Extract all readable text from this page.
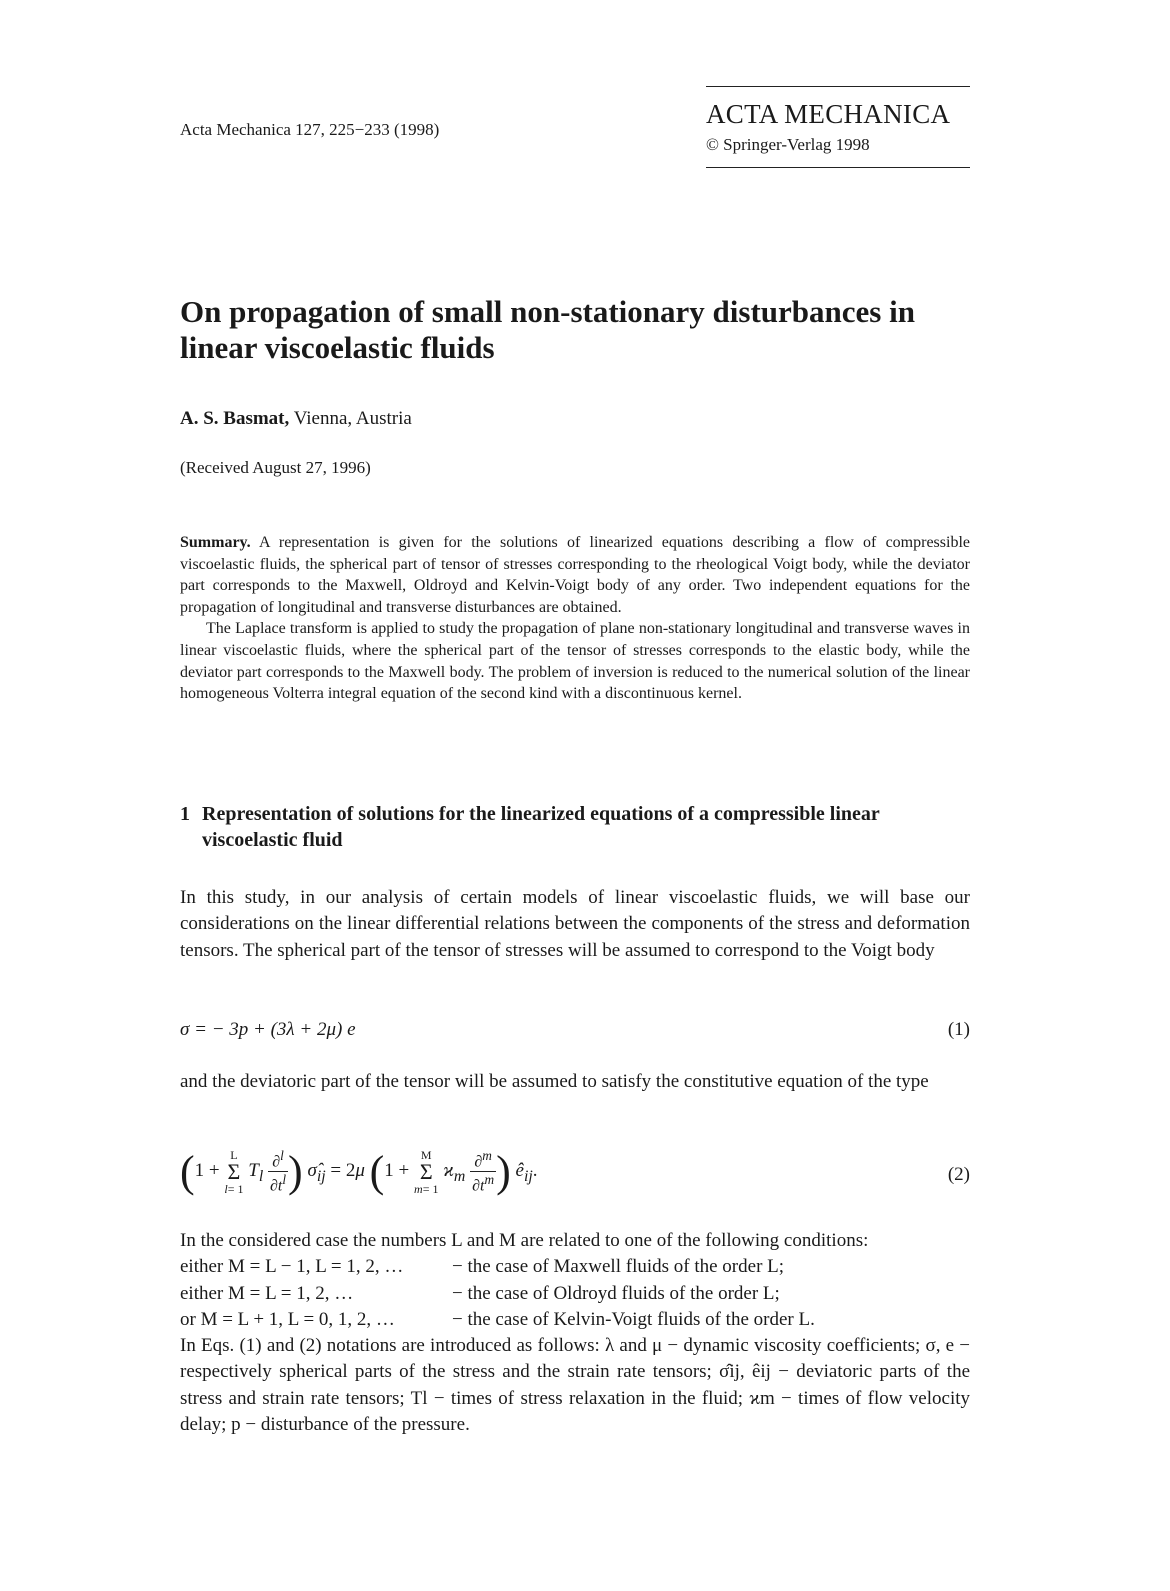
Acta Mechanica 127, 225−233 (1998)
ACTA MECHANICA
© Springer-Verlag 1998
On propagation of small non-stationary disturbances in linear viscoelastic fluids
A. S. Basmat, Vienna, Austria
(Received August 27, 1996)

Summary. A representation is given for the solutions of linearized equations describing a flow of compressible viscoelastic fluids, the spherical part of tensor of stresses corresponding to the rheological Voigt body, while the deviator part corresponds to the Maxwell, Oldroyd and Kelvin-Voigt body of any order. Two independent equations for the propagation of longitudinal and transverse disturbances are obtained.

The Laplace transform is applied to study the propagation of plane non-stationary longitudinal and transverse waves in linear viscoelastic fluids, where the spherical part of the tensor of stresses corresponds to the elastic body, while the deviator part corresponds to the Maxwell body. The problem of inversion is reduced to the numerical solution of the linear homogeneous Volterra integral equation of the second kind with a discontinuous kernel.

1 Representation of solutions for the linearized equations of a compressible linear
viscoelastic fluid
In this study, in our analysis of certain models of linear viscoelastic fluids, we will base our considerations on the linear differential relations between the components of the stress and deformation tensors. The spherical part of the tensor of stresses will be assumed to correspond to the Voigt body
σ = − 3p + (3λ + 2μ) e	(1)
and the deviatoric part of the tensor will be assumed to satisfy the constitutive equation of the type
(1 + L
Σ
l= 1 $T_l \frac{\partial^l}{\partial t^l}$ ) $\sigmâ_{ij} = 2\mu$ (1 + M
Σ
m= 1 $ϰ_m \frac{\partial^m}{\partial t^m}$ ) $ê_{ij}$.	(2)

In the considered case the numbers L and M are related to one of the following conditions:

either M = L − 1, L = 1, 2, …	− the case of Maxwell fluids of the order L;
either M = L = 1, 2, …	− the case of Oldroyd fluids of the order L;
or M = L + 1, L = 0, 1, 2, …	− the case of Kelvin-Voigt fluids of the order L.

In Eqs. (1) and (2) notations are introduced as follows: λ and μ − dynamic viscosity coefficients; σ, e − respectively spherical parts of the stress and the strain rate tensors; σ̂ij, êij − deviatoric parts of the stress and strain rate tensors; Tl − times of stress relaxation in the fluid; ϰm − times of flow velocity delay; p − disturbance of the pressure.
